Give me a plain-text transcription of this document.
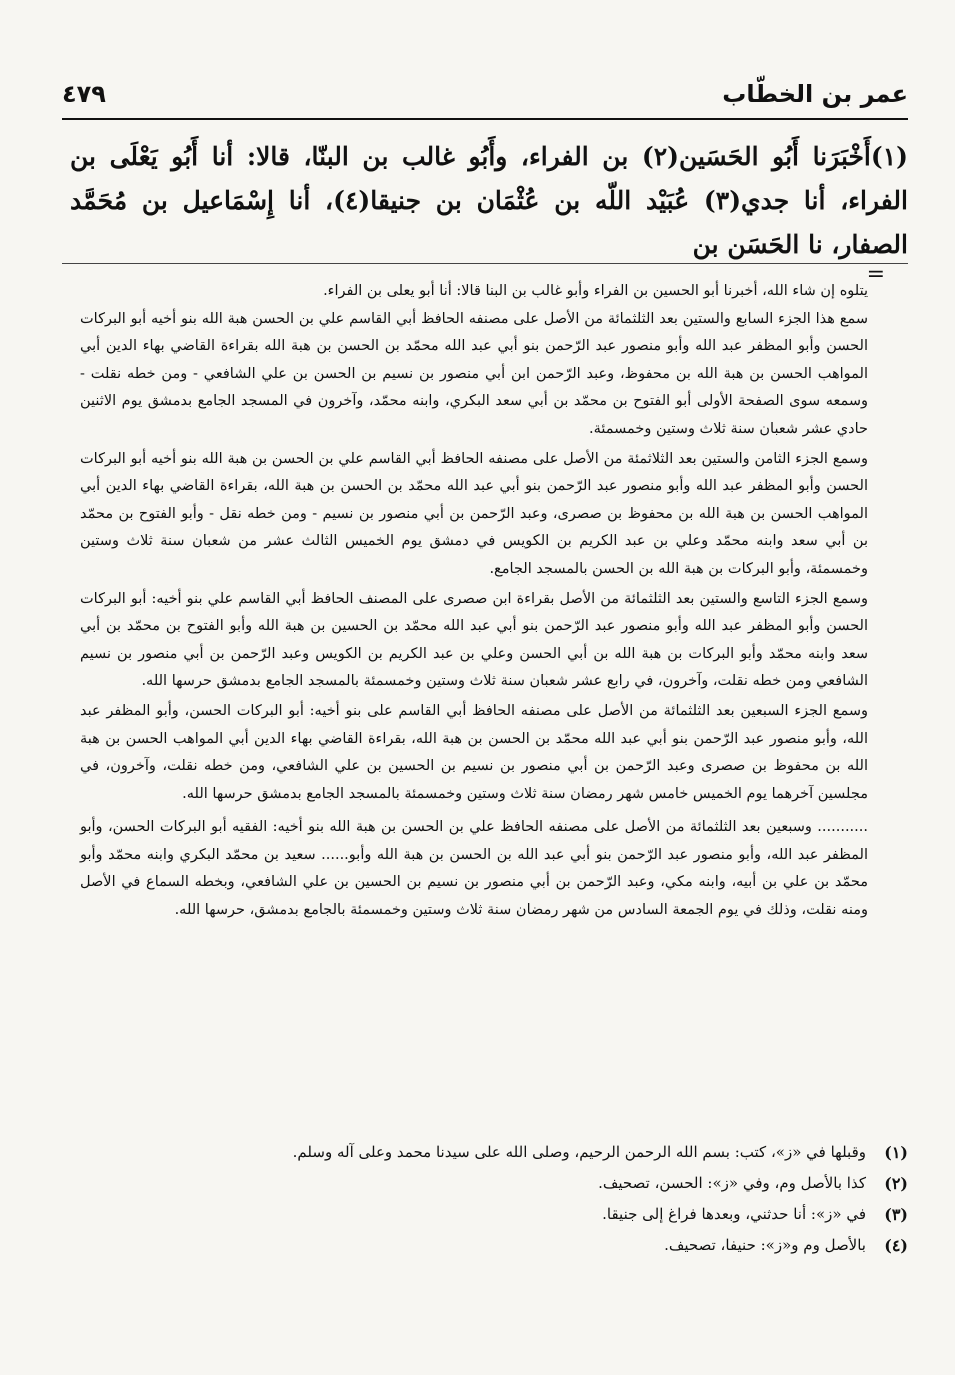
عمر بن الخطّاب
٤٧٩
(١)أَخْبَرَنا أَبُو الحَسَين(٢) بن الفراء، وأَبُو غالب بن البنّا، قالا: أنا أَبُو يَعْلَى بن الفراء، أنا جدي(٣) عُبَيْد اللّه بن عُثْمَان بن جنيقا(٤)، أنا إِسْمَاعيل بن مُحَمَّد الصفار، نا الحَسَن بن
=

يتلوه إن شاء الله، أخبرنا أبو الحسين بن الفراء وأبو غالب بن البنا قالا: أنا أبو يعلى بن الفراء.

سمع هذا الجزء السابع والستين بعد الثلثمائة من الأصل على مصنفه الحافظ أبي القاسم علي بن الحسن هبة الله بنو أخيه أبو البركات الحسن وأبو المظفر عبد الله وأبو منصور عبد الرّحمن بنو أبي عبد الله محمّد بن الحسن بن هبة الله بقراءة القاضي بهاء الدين أبي المواهب الحسن بن هبة الله بن محفوظ، وعبد الرّحمن ابن أبي منصور بن نسيم بن الحسن بن علي الشافعي - ومن خطه نقلت - وسمعه سوى الصفحة الأولى أبو الفتوح بن محمّد بن أبي سعد البكري، وابنه محمّد، وآخرون في المسجد الجامع بدمشق يوم الاثنين حادي عشر شعبان سنة ثلاث وستين وخمسمئة.

وسمع الجزء الثامن والستين بعد الثلاثمئة من الأصل على مصنفه الحافظ أبي القاسم علي بن الحسن بن هبة الله بنو أخيه أبو البركات الحسن وأبو المظفر عبد الله وأبو منصور عبد الرّحمن بنو أبي عبد الله محمّد بن الحسن بن هبة الله، بقراءة القاضي بهاء الدين أبي المواهب الحسن بن هبة الله بن محفوظ بن صصرى، وعبد الرّحمن بن أبي منصور بن نسيم - ومن خطه نقل - وأبو الفتوح بن محمّد بن أبي سعد وابنه محمّد وعلي بن عبد الكريم بن الكويس في دمشق يوم الخميس الثالث عشر من شعبان سنة ثلاث وستين وخمسمئة، وأبو البركات بن هبة الله بن الحسن بالمسجد الجامع.

وسمع الجزء التاسع والستين بعد الثلثمائة من الأصل بقراءة ابن صصرى على المصنف الحافظ أبي القاسم علي بنو أخيه: أبو البركات الحسن وأبو المظفر عبد الله وأبو منصور عبد الرّحمن بنو أبي عبد الله محمّد بن الحسين بن هبة الله وأبو الفتوح بن محمّد بن أبي سعد وابنه محمّد وأبو البركات بن هبة الله بن أبي الحسن وعلي بن عبد الكريم بن الكويس وعبد الرّحمن بن أبي منصور بن نسيم الشافعي ومن خطه نقلت، وآخرون، في رابع عشر شعبان سنة ثلاث وستين وخمسمئة بالمسجد الجامع بدمشق حرسها الله.

وسمع الجزء السبعين بعد الثلثمائة من الأصل على مصنفه الحافظ أبي القاسم على بنو أخيه: أبو البركات الحسن، وأبو المظفر عبد الله، وأبو منصور عبد الرّحمن بنو أبي عبد الله محمّد بن الحسن بن هبة الله، بقراءة القاضي بهاء الدين أبي المواهب الحسن بن هبة الله بن محفوظ بن صصرى وعبد الرّحمن بن أبي منصور بن نسيم بن الحسين بن علي الشافعي، ومن خطه نقلت، وآخرون، في مجلسين آخرهما يوم الخميس خامس شهر رمضان سنة ثلاث وستين وخمسمئة بالمسجد الجامع بدمشق حرسها الله.

........... وسبعين بعد الثلثمائة من الأصل على مصنفه الحافظ علي بن الحسن بن هبة الله بنو أخيه: الفقيه أبو البركات الحسن، وأبو المظفر عبد الله، وأبو منصور عبد الرّحمن بنو أبي عبد الله بن الحسن بن هبة الله وأبو...... سعيد بن محمّد البكري وابنه محمّد وأبو محمّد بن علي بن أبيه، وابنه مكي، وعبد الرّحمن بن أبي منصور بن نسيم بن الحسين بن علي الشافعي، وبخطه السماع في الأصل ومنه نقلت، وذلك في يوم الجمعة السادس من شهر رمضان سنة ثلاث وستين وخمسمئة بالجامع بدمشق، حرسها الله.

(١)
وقبلها في «ز»، كتب: بسم الله الرحمن الرحيم، وصلى الله على سيدنا محمد وعلى آله وسلم.
(٢)
كذا بالأصل وم، وفي «ز»: الحسن، تصحيف.
(٣)
في «ز»: أنا حدثني، وبعدها فراغ إلى جنيقا.
(٤)
بالأصل وم و«ز»: حنيفا، تصحيف.
